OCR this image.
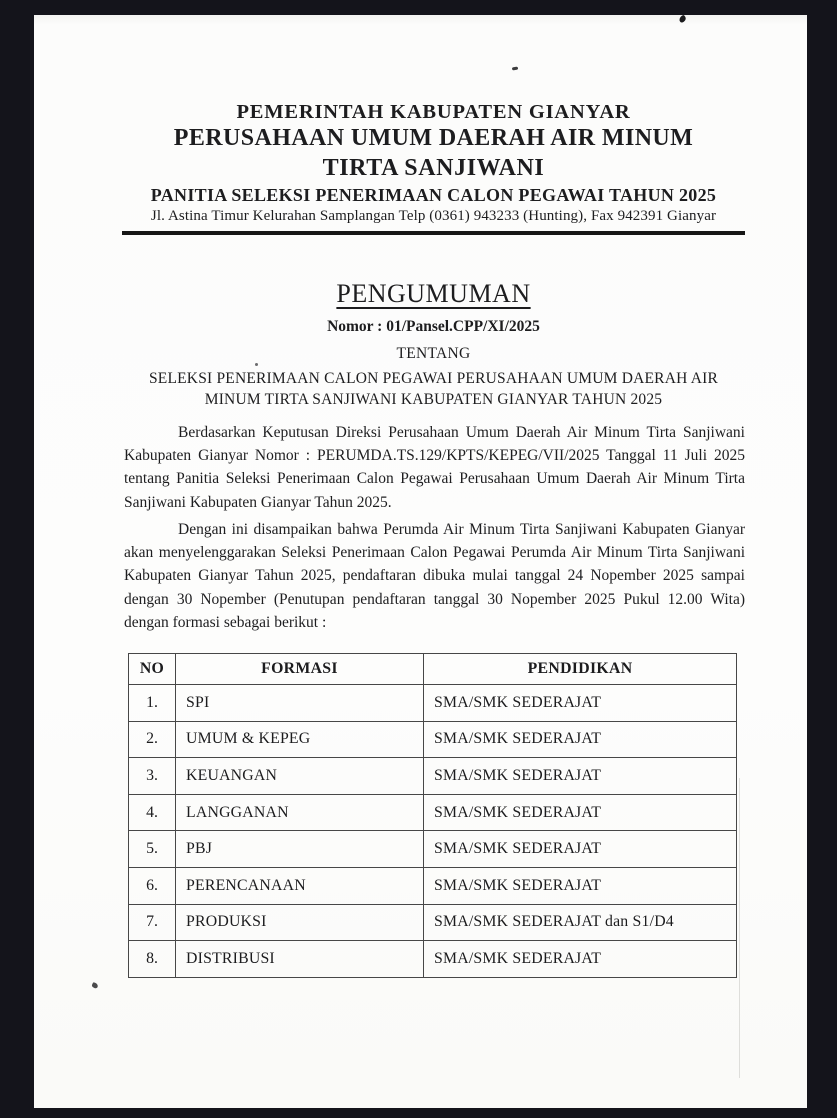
PEMERINTAH KABUPATEN GIANYAR
PERUSAHAAN UMUM DAERAH AIR MINUM
TIRTA SANJIWANI
PANITIA SELEKSI PENERIMAAN CALON PEGAWAI TAHUN 2025
Jl. Astina Timur Kelurahan Samplangan Telp (0361) 943233 (Hunting), Fax 942391 Gianyar
PENGUMUMAN
Nomor : 01/Pansel.CPP/XI/2025
TENTANG
SELEKSI PENERIMAAN CALON PEGAWAI PERUSAHAAN UMUM DAERAH AIR
MINUM TIRTA SANJIWANI KABUPATEN GIANYAR TAHUN 2025

Berdasarkan Keputusan Direksi Perusahaan Umum Daerah Air Minum Tirta Sanjiwani Kabupaten Gianyar Nomor : PERUMDA.TS.129/KPTS/KEPEG/VII/2025 Tanggal 11 Juli 2025 tentang Panitia Seleksi Penerimaan Calon Pegawai Perusahaan Umum Daerah Air Minum Tirta Sanjiwani Kabupaten Gianyar Tahun 2025.

Dengan ini disampaikan bahwa Perumda Air Minum Tirta Sanjiwani Kabupaten Gianyar akan menyelenggarakan Seleksi Penerimaan Calon Pegawai Perumda Air Minum Tirta Sanjiwani Kabupaten Gianyar Tahun 2025, pendaftaran dibuka mulai tanggal 24 Nopember 2025 sampai dengan 30 Nopember (Penutupan pendaftaran tanggal 30 Nopember 2025 Pukul 12.00 Wita) dengan formasi sebagai berikut :

NO	FORMASI	PENDIDIKAN
1.	SPI	SMA/SMK SEDERAJAT
2.	UMUM & KEPEG	SMA/SMK SEDERAJAT
3.	KEUANGAN	SMA/SMK SEDERAJAT
4.	LANGGANAN	SMA/SMK SEDERAJAT
5.	PBJ	SMA/SMK SEDERAJAT
6.	PERENCANAAN	SMA/SMK SEDERAJAT
7.	PRODUKSI	SMA/SMK SEDERAJAT dan S1/D4
8.	DISTRIBUSI	SMA/SMK SEDERAJAT
